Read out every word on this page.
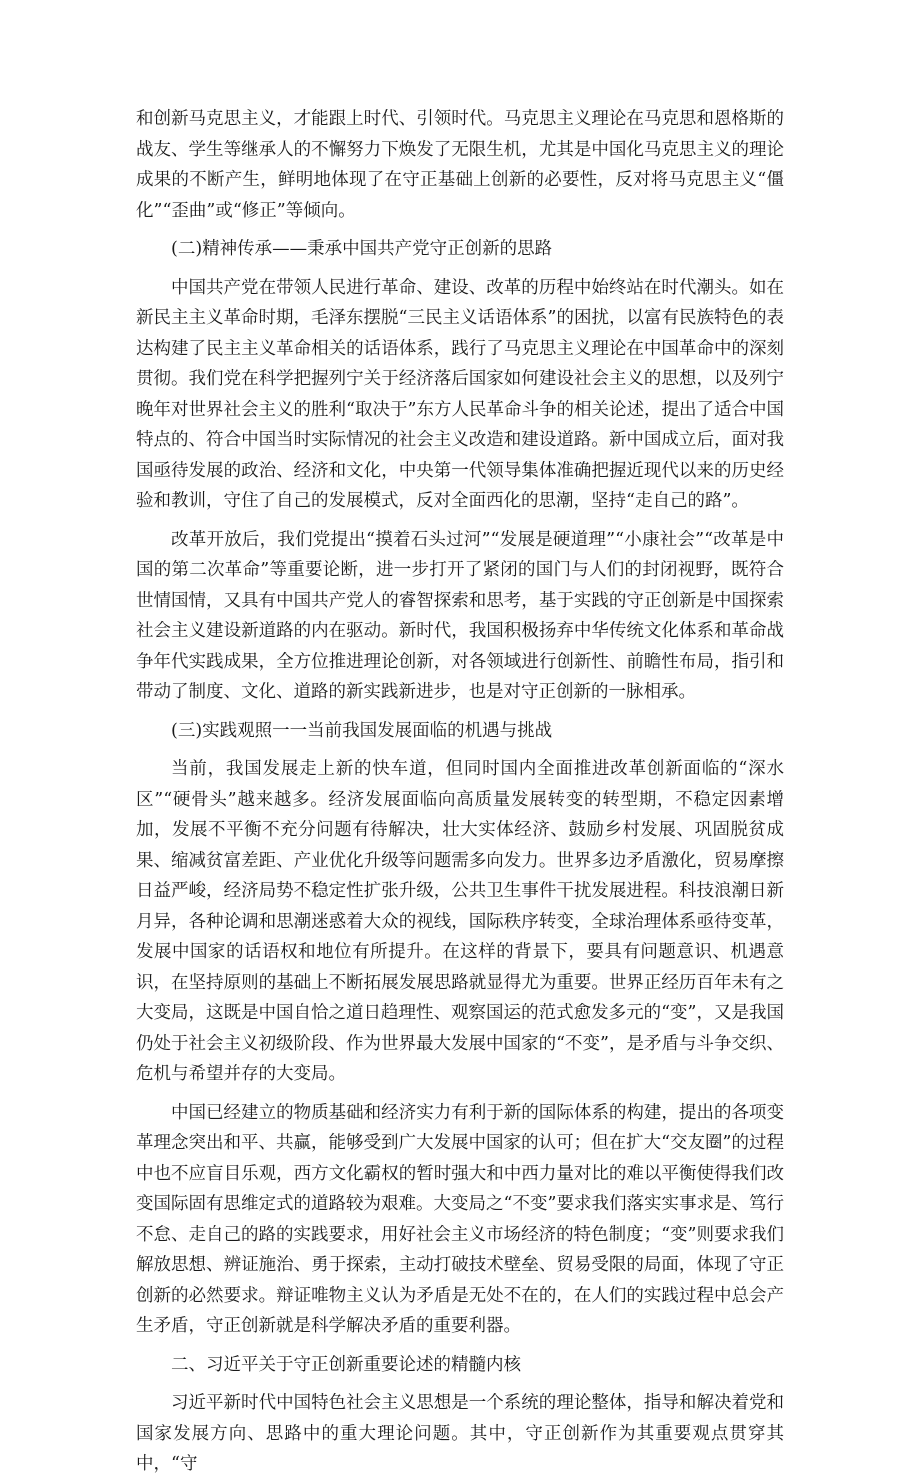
和创新马克思主义，才能跟上时代、引领时代。马克思主义理论在马克思和恩格斯的战友、学生等继承人的不懈努力下焕发了无限生机，尤其是中国化马克思主义的理论成果的不断产生，鲜明地体现了在守正基础上创新的必要性，反对将马克思主义“僵化”“歪曲”或“修正”等倾向。

(二)精神传承——秉承中国共产党守正创新的思路

中国共产党在带领人民进行革命、建设、改革的历程中始终站在时代潮头。如在新民主主义革命时期，毛泽东摆脱“三民主义话语体系”的困扰，以富有民族特色的表达构建了民主主义革命相关的话语体系，践行了马克思主义理论在中国革命中的深刻贯彻。我们党在科学把握列宁关于经济落后国家如何建设社会主义的思想，以及列宁晚年对世界社会主义的胜利“取决于”东方人民革命斗争的相关论述，提出了适合中国特点的、符合中国当时实际情况的社会主义改造和建设道路。新中国成立后，面对我国亟待发展的政治、经济和文化，中央第一代领导集体准确把握近现代以来的历史经验和教训，守住了自己的发展模式，反对全面西化的思潮，坚持“走自己的路”。

改革开放后，我们党提出“摸着石头过河”“发展是硬道理”“小康社会”“改革是中国的第二次革命”等重要论断，进一步打开了紧闭的国门与人们的封闭视野，既符合世情国情，又具有中国共产党人的睿智探索和思考，基于实践的守正创新是中国探索社会主义建设新道路的内在驱动。新时代，我国积极扬弃中华传统文化体系和革命战争年代实践成果，全方位推进理论创新，对各领域进行创新性、前瞻性布局，指引和带动了制度、文化、道路的新实践新进步，也是对守正创新的一脉相承。

(三)实践观照一一当前我国发展面临的机遇与挑战

当前，我国发展走上新的快车道，但同时国内全面推进改革创新面临的“深水区”“硬骨头”越来越多。经济发展面临向高质量发展转变的转型期，不稳定因素增加，发展不平衡不充分问题有待解决，壮大实体经济、鼓励乡村发展、巩固脱贫成果、缩减贫富差距、产业优化升级等问题需多向发力。世界多边矛盾激化，贸易摩擦日益严峻，经济局势不稳定性扩张升级，公共卫生事件干扰发展进程。科技浪潮日新月异，各种论调和思潮迷惑着大众的视线，国际秩序转变，全球治理体系亟待变革，发展中国家的话语权和地位有所提升。在这样的背景下，要具有问题意识、机遇意识，在坚持原则的基础上不断拓展发展思路就显得尤为重要。世界正经历百年未有之大变局，这既是中国自恰之道日趋理性、观察国运的范式愈发多元的“变”，又是我国仍处于社会主义初级阶段、作为世界最大发展中国家的“不变”，是矛盾与斗争交织、危机与希望并存的大变局。

中国已经建立的物质基础和经济实力有利于新的国际体系的构建，提出的各项变革理念突出和平、共赢，能够受到广大发展中国家的认可；但在扩大“交友圈”的过程中也不应盲目乐观，西方文化霸权的暂时强大和中西力量对比的难以平衡使得我们改变国际固有思维定式的道路较为艰难。大变局之“不变”要求我们落实实事求是、笃行不怠、走自己的路的实践要求，用好社会主义市场经济的特色制度；“变”则要求我们解放思想、辨证施治、勇于探索，主动打破技术壁垒、贸易受限的局面，体现了守正创新的必然要求。辩证唯物主义认为矛盾是无处不在的，在人们的实践过程中总会产生矛盾，守正创新就是科学解决矛盾的重要利器。

二、习近平关于守正创新重要论述的精髓内核

习近平新时代中国特色社会主义思想是一个系统的理论整体，指导和解决着党和国家发展方向、思路中的重大理论问题。其中，守正创新作为其重要观点贯穿其中，“守
